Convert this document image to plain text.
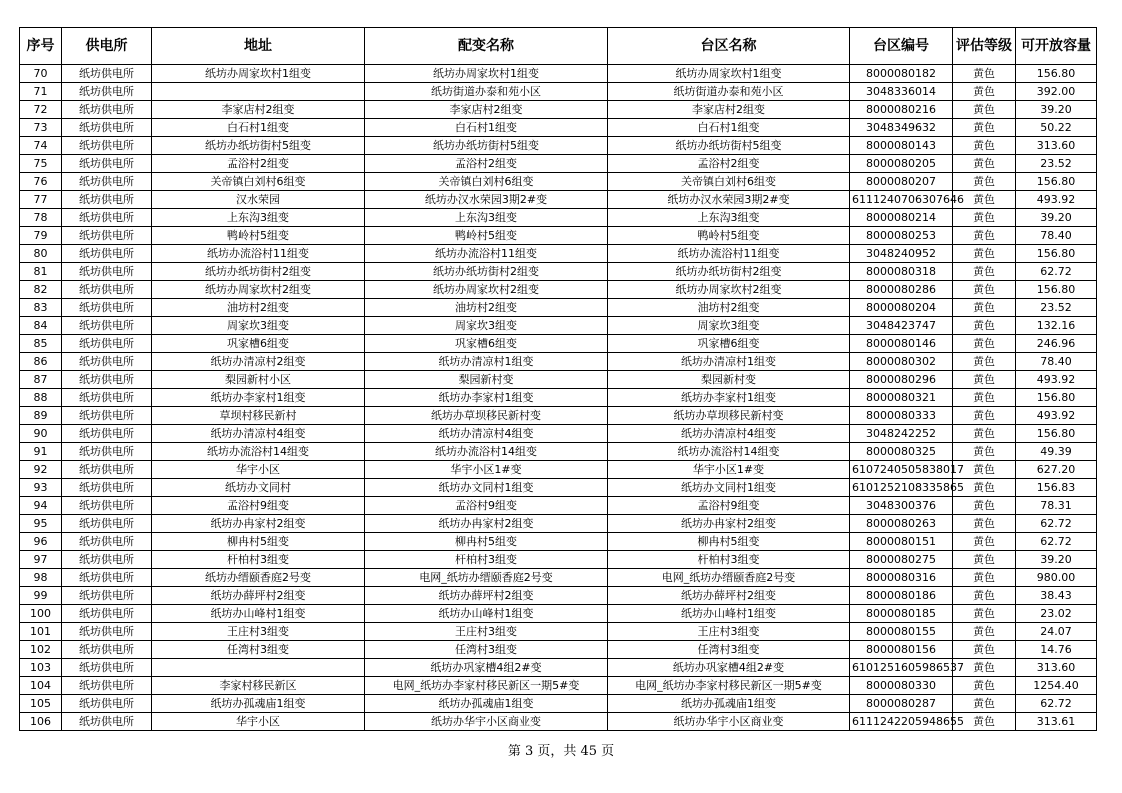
序号	供电所	地址	配变名称	台区名称	台区编号	评估等级	可开放容量
70	纸坊供电所	纸坊办周家坎村1组变	纸坊办周家坎村1组变	纸坊办周家坎村1组变	8000080182	黄色	156.80
71	纸坊供电所		纸坊街道办泰和苑小区	纸坊街道办泰和苑小区	3048336014	黄色	392.00
72	纸坊供电所	李家店村2组变	李家店村2组变	李家店村2组变	8000080216	黄色	39.20
73	纸坊供电所	白石村1组变	白石村1组变	白石村1组变	3048349632	黄色	50.22
74	纸坊供电所	纸坊办纸坊街村5组变	纸坊办纸坊街村5组变	纸坊办纸坊街村5组变	8000080143	黄色	313.60
75	纸坊供电所	孟浴村2组变	孟浴村2组变	孟浴村2组变	8000080205	黄色	23.52
76	纸坊供电所	关帝镇白刘村6组变	关帝镇白刘村6组变	关帝镇白刘村6组变	8000080207	黄色	156.80
77	纸坊供电所	汉水荣园	纸坊办汉水荣园3期2#变	纸坊办汉水荣园3期2#变	6111240706307646	黄色	493.92
78	纸坊供电所	上东沟3组变	上东沟3组变	上东沟3组变	8000080214	黄色	39.20
79	纸坊供电所	鸭岭村5组变	鸭岭村5组变	鸭岭村5组变	8000080253	黄色	78.40
80	纸坊供电所	纸坊办流浴村11组变	纸坊办流浴村11组变	纸坊办流浴村11组变	3048240952	黄色	156.80
81	纸坊供电所	纸坊办纸坊街村2组变	纸坊办纸坊街村2组变	纸坊办纸坊街村2组变	8000080318	黄色	62.72
82	纸坊供电所	纸坊办周家坎村2组变	纸坊办周家坎村2组变	纸坊办周家坎村2组变	8000080286	黄色	156.80
83	纸坊供电所	油坊村2组变	油坊村2组变	油坊村2组变	8000080204	黄色	23.52
84	纸坊供电所	周家坎3组变	周家坎3组变	周家坎3组变	3048423747	黄色	132.16
85	纸坊供电所	巩家槽6组变	巩家槽6组变	巩家槽6组变	8000080146	黄色	246.96
86	纸坊供电所	纸坊办清凉村2组变	纸坊办清凉村1组变	纸坊办清凉村1组变	8000080302	黄色	78.40
87	纸坊供电所	梨园新村小区	梨园新村变	梨园新村变	8000080296	黄色	493.92
88	纸坊供电所	纸坊办李家村1组变	纸坊办李家村1组变	纸坊办李家村1组变	8000080321	黄色	156.80
89	纸坊供电所	草坝村移民新村	纸坊办草坝移民新村变	纸坊办草坝移民新村变	8000080333	黄色	493.92
90	纸坊供电所	纸坊办清凉村4组变	纸坊办清凉村4组变	纸坊办清凉村4组变	3048242252	黄色	156.80
91	纸坊供电所	纸坊办流浴村14组变	纸坊办流浴村14组变	纸坊办流浴村14组变	8000080325	黄色	49.39
92	纸坊供电所	华宇小区	华宇小区1#变	华宇小区1#变	6107240505838017	黄色	627.20
93	纸坊供电所	纸坊办文同村	纸坊办文同村1组变	纸坊办文同村1组变	6101252108335865	黄色	156.83
94	纸坊供电所	孟浴村9组变	孟浴村9组变	孟浴村9组变	3048300376	黄色	78.31
95	纸坊供电所	纸坊办冉家村2组变	纸坊办冉家村2组变	纸坊办冉家村2组变	8000080263	黄色	62.72
96	纸坊供电所	柳冉村5组变	柳冉村5组变	柳冉村5组变	8000080151	黄色	62.72
97	纸坊供电所	杆柏村3组变	杆柏村3组变	杆柏村3组变	8000080275	黄色	39.20
98	纸坊供电所	纸坊办缙颐香庭2号变	电网_纸坊办缙颐香庭2号变	电网_纸坊办缙颐香庭2号变	8000080316	黄色	980.00
99	纸坊供电所	纸坊办薛坪村2组变	纸坊办薛坪村2组变	纸坊办薛坪村2组变	8000080186	黄色	38.43
100	纸坊供电所	纸坊办山峰村1组变	纸坊办山峰村1组变	纸坊办山峰村1组变	8000080185	黄色	23.02
101	纸坊供电所	王庄村3组变	王庄村3组变	王庄村3组变	8000080155	黄色	24.07
102	纸坊供电所	任湾村3组变	任湾村3组变	任湾村3组变	8000080156	黄色	14.76
103	纸坊供电所		纸坊办巩家槽4组2#变	纸坊办巩家槽4组2#变	6101251605986537	黄色	313.60
104	纸坊供电所	李家村移民新区	电网_纸坊办李家村移民新区一期5#变	电网_纸坊办李家村移民新区一期5#变	8000080330	黄色	1254.40
105	纸坊供电所	纸坊办孤魂庙1组变	纸坊办孤魂庙1组变	纸坊办孤魂庙1组变	8000080287	黄色	62.72
106	纸坊供电所	华宇小区	纸坊办华宇小区商业变	纸坊办华宇小区商业变	6111242205948655	黄色	313.61
第 3 页，共 45 页
